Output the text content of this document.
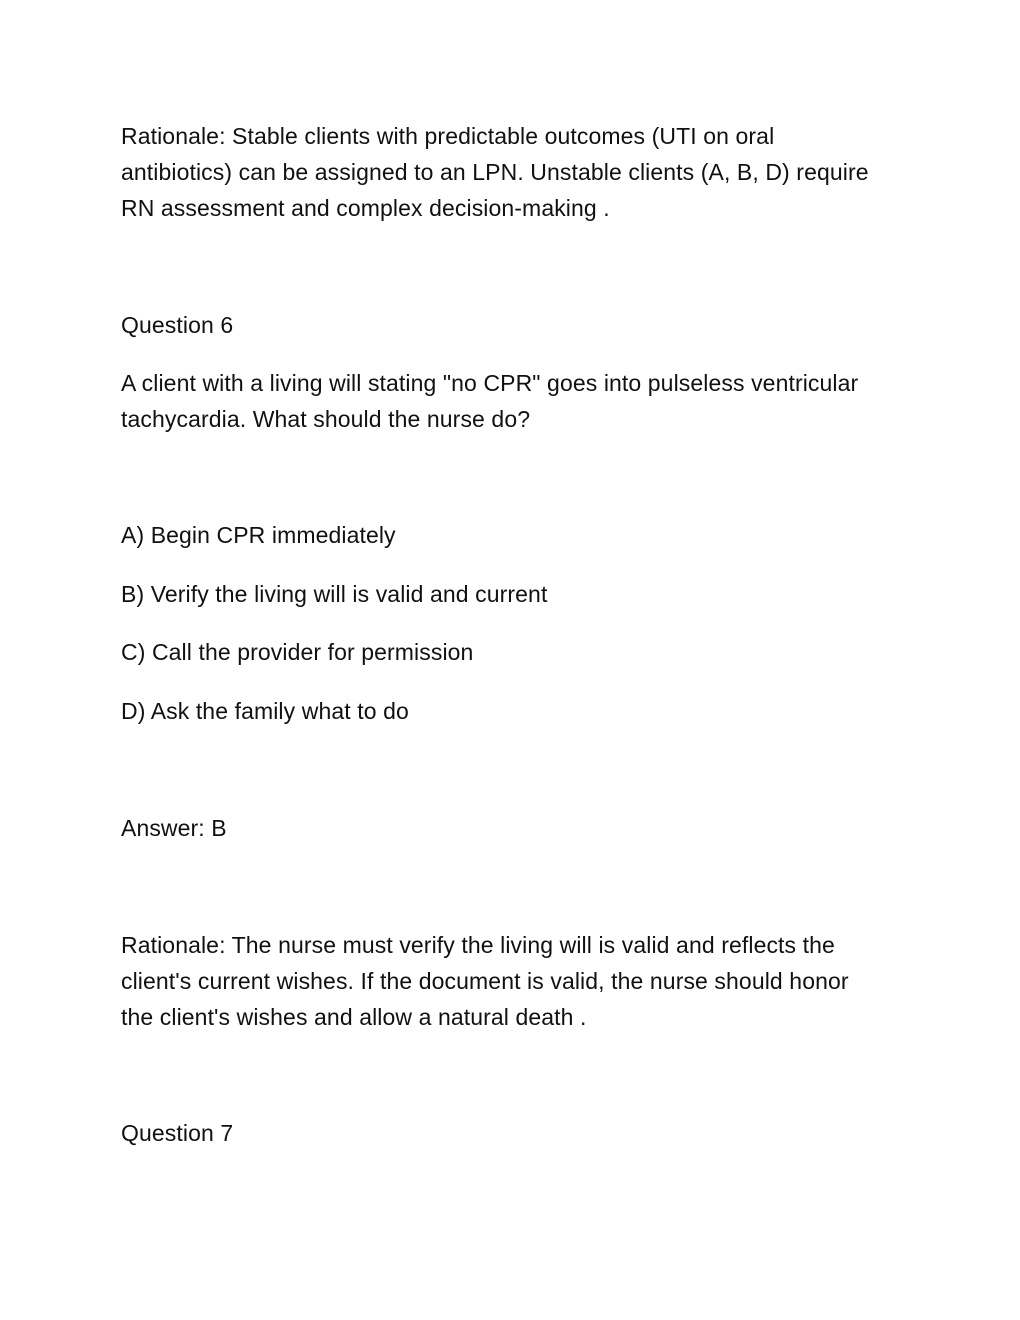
Rationale: Stable clients with predictable outcomes (UTI on oral
antibiotics) can be assigned to an LPN. Unstable clients (A, B, D) require
RN assessment and complex decision-making .

Question 6

A client with a living will stating "no CPR" goes into pulseless ventricular
tachycardia. What should the nurse do?

A) Begin CPR immediately

B) Verify the living will is valid and current

C) Call the provider for permission

D) Ask the family what to do

Answer: B

Rationale: The nurse must verify the living will is valid and reflects the
client's current wishes. If the document is valid, the nurse should honor
the client's wishes and allow a natural death .

Question 7
